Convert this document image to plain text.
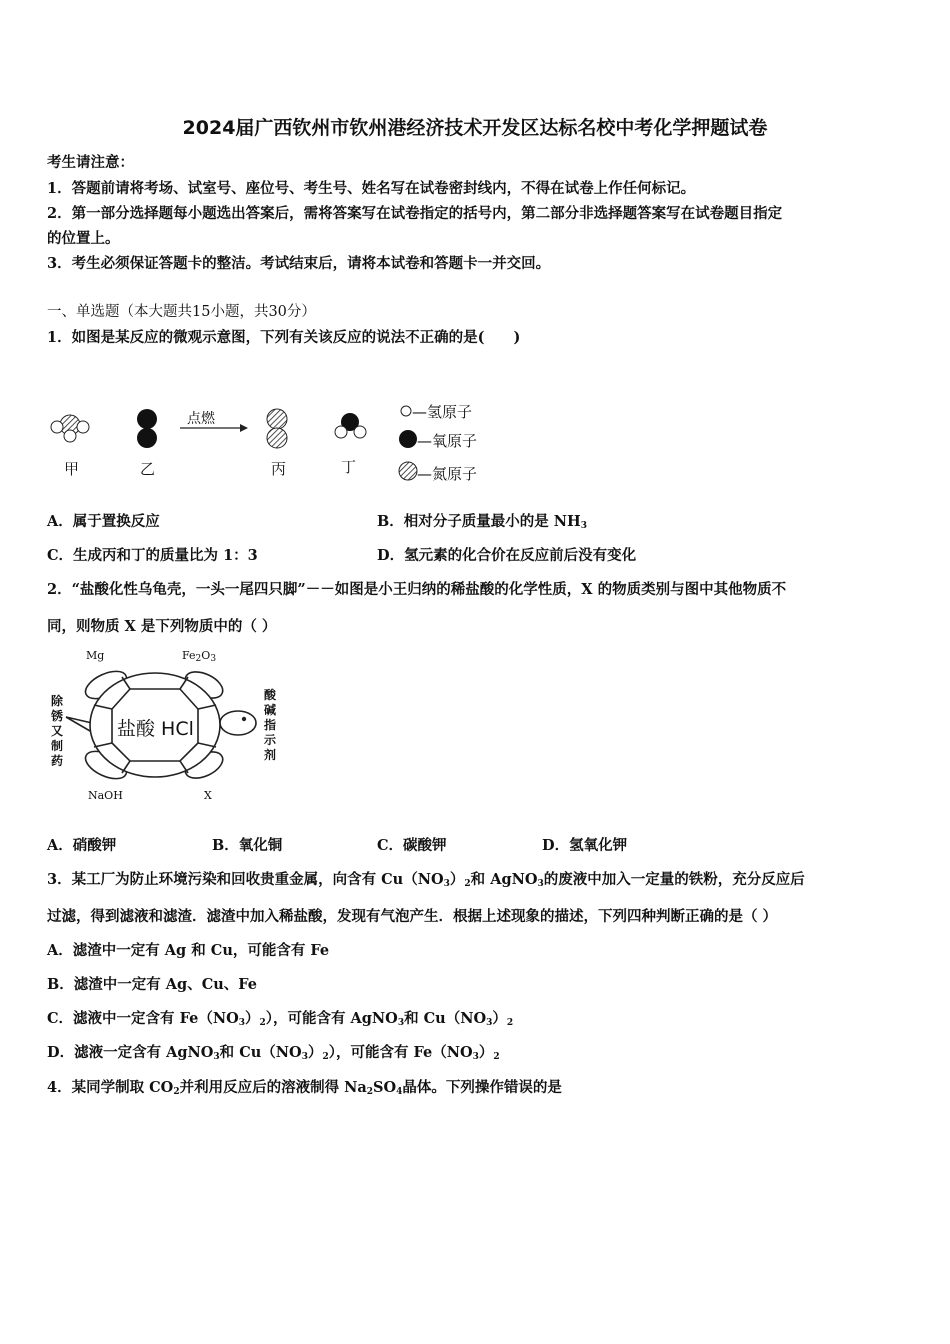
2024届广西钦州市钦州港经济技术开发区达标名校中考化学押题试卷
考生请注意：
1．答题前请将考场、试室号、座位号、考生号、姓名写在试卷密封线内，不得在试卷上作任何标记。
2．第一部分选择题每小题选出答案后，需将答案写在试卷指定的括号内，第二部分非选择题答案写在试卷题目指定
的位置上。
3．考生必须保证答题卡的整洁。考试结束后，请将本试卷和答题卡一并交回。
一、单选题（本大题共15小题，共30分）
1．如图是某反应的微观示意图，下列有关该反应的说法不正确的是(　　)
点燃
甲	乙	丙	丁
—氢原子
—氧原子
—氮原子
A．属于置换反应	B．相对分子质量最小的是 $NH_3$
C．生成丙和丁的质量比为 1：3	D．氢元素的化合价在反应前后没有变化
2．“盐酸化性乌龟壳，一头一尾四只脚”－－如图是小王归纳的稀盐酸的化学性质，X 的物质类别与图中其他物质不
同，则物质 X 是下列物质中的（ ）
盐酸 HCl
Mg	$Fe_2O_3$
NaOH	X
除锈又制药
酸碱指示剂
A．硝酸钾	B．氧化铜	C．碳酸钾	D．氢氧化钾
3．某工厂为防止环境污染和回收贵重金属，向含有 $Cu(NO_3)_2$和 AgNO$_3$的废液中加入一定量的铁粉，充分反应后
过滤，得到滤液和滤渣．滤渣中加入稀盐酸，发现有气泡产生．根据上述现象的描述，下列四种判断正确的是（ ）
A．滤渣中一定有 Ag 和 Cu，可能含有 Fe
B．滤渣中一定有 Ag、Cu、Fe
C．滤液中一定含有 $Fe(NO_3)_2$），可能含有 AgNO$_3$和 $Cu(NO_3)_2$
D．滤液一定含有 AgNO$_3$和 $Cu(NO_3)_2$），可能含有 $Fe(NO_3)_2$
4．某同学制取 $CO_2$并利用反应后的溶液制得 $Na_2SO_4$晶体。下列操作错误的是
